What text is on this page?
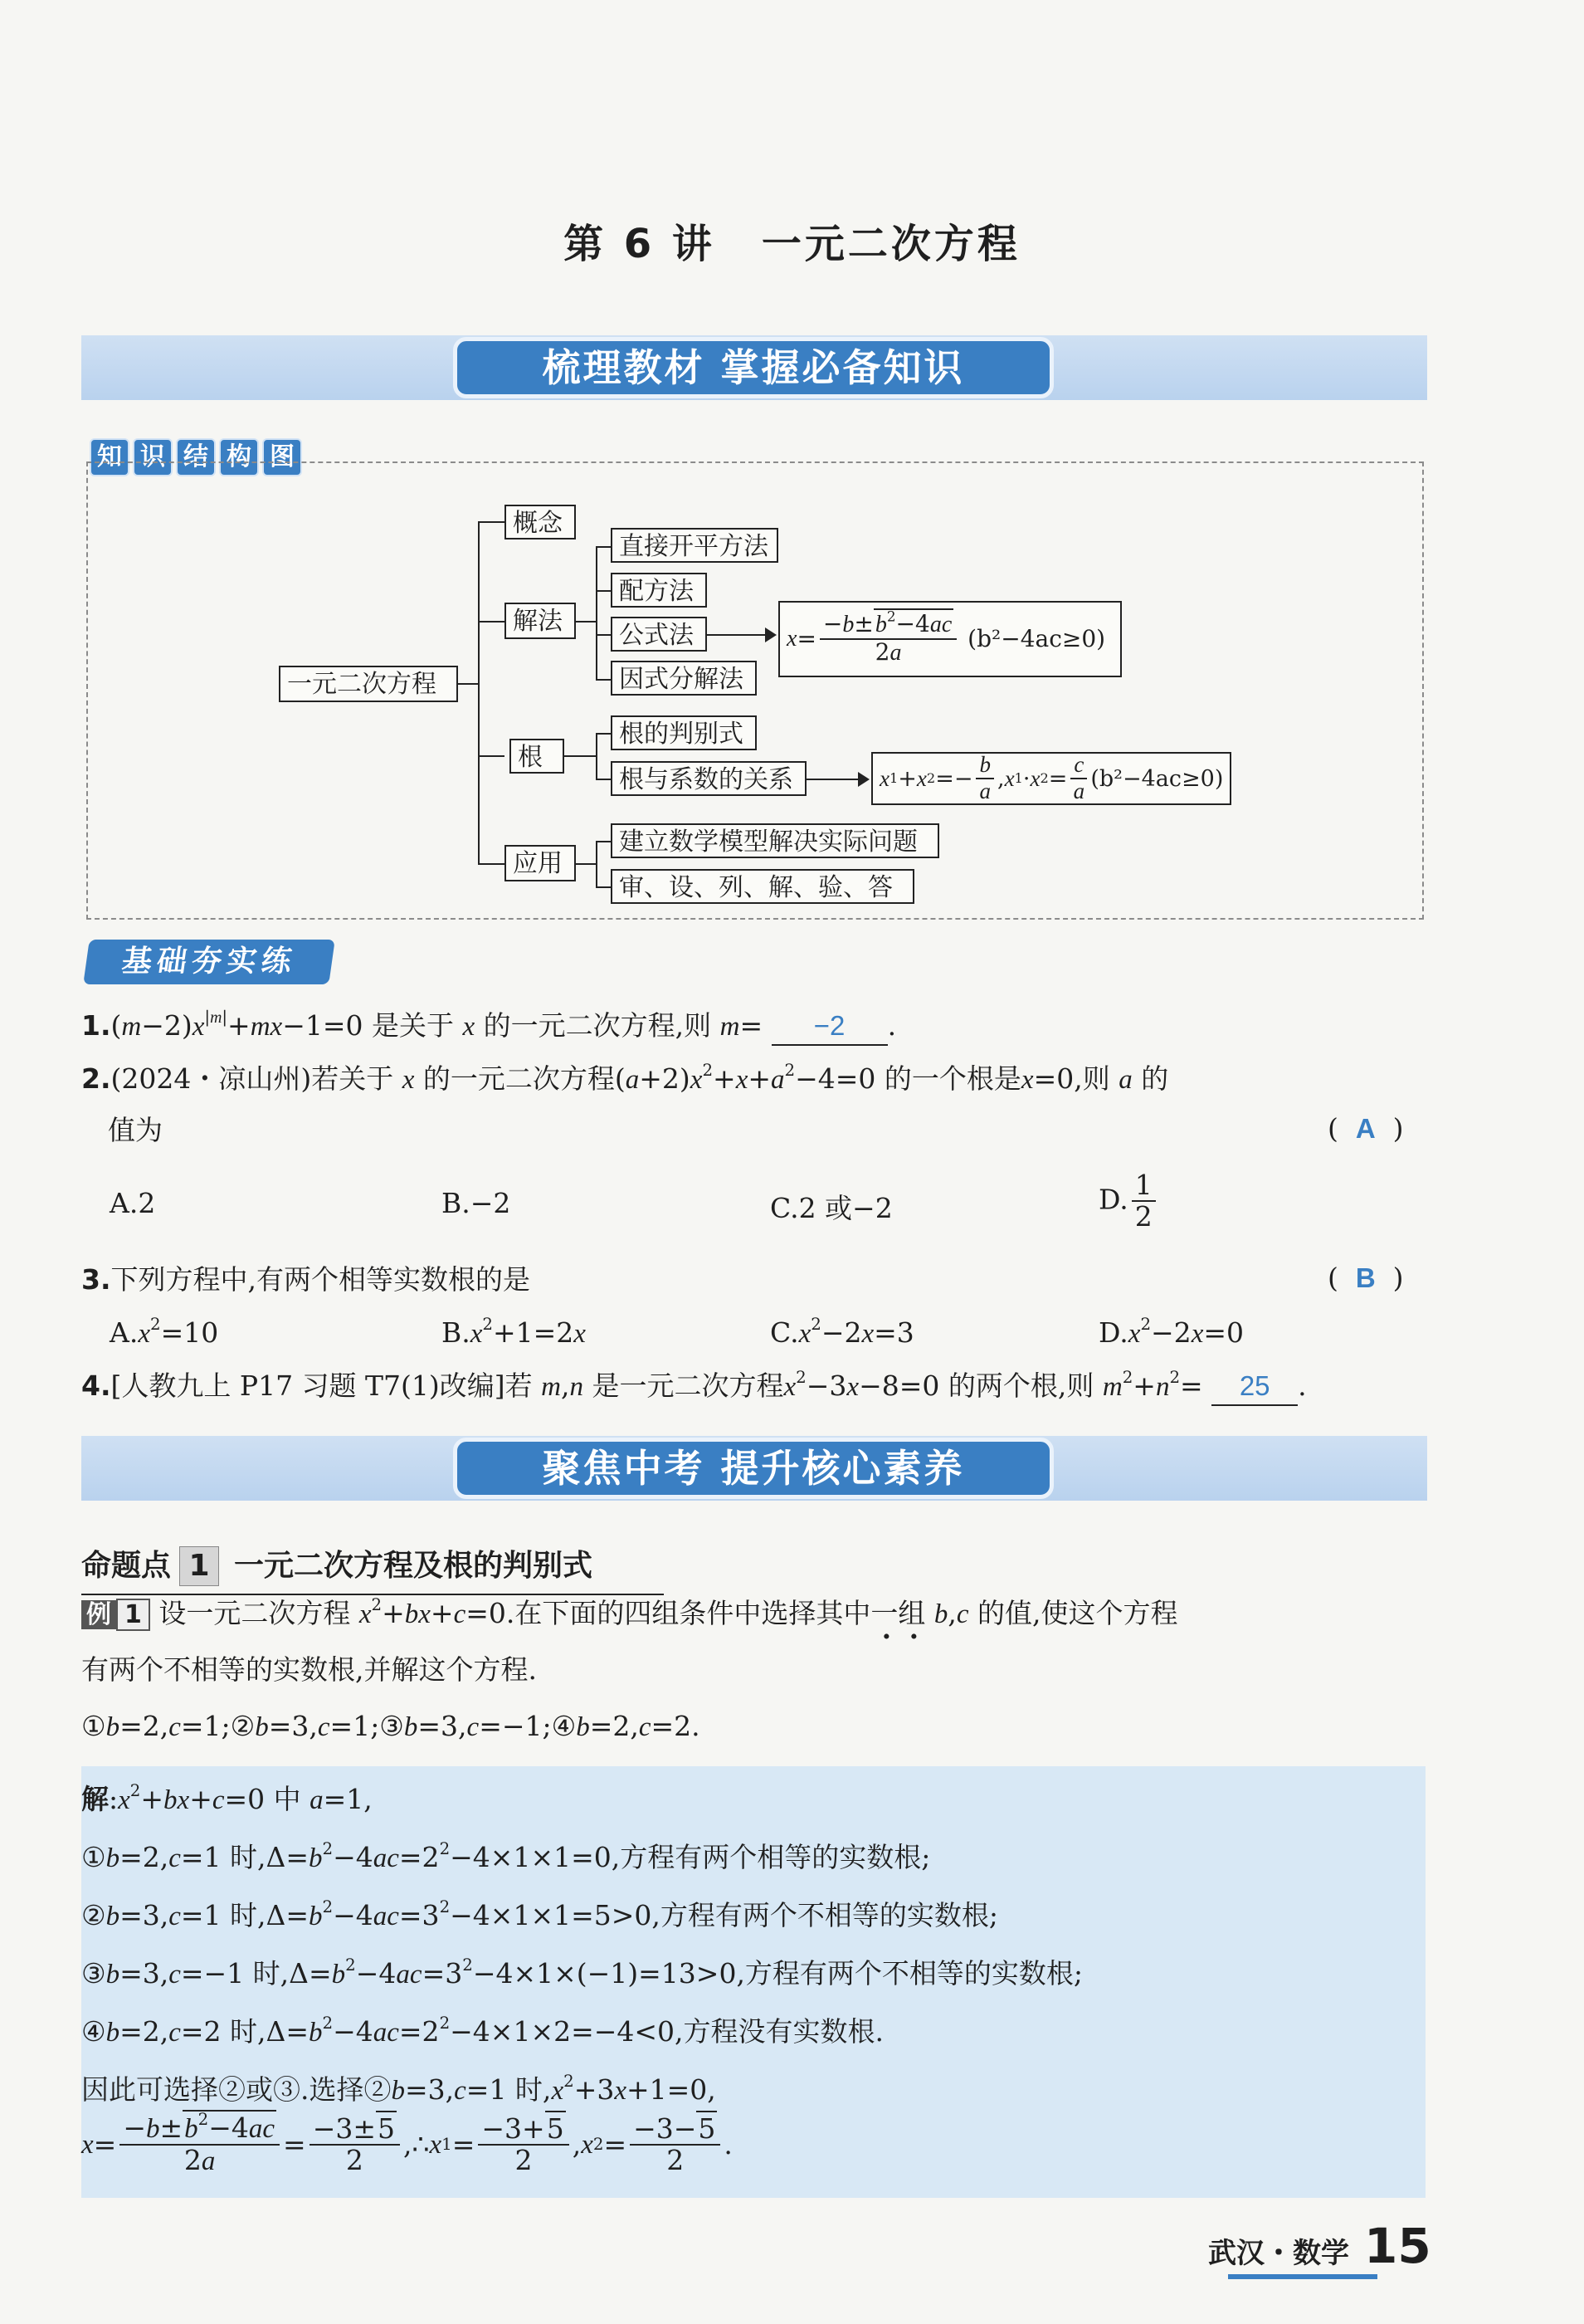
第 6 讲 一元二次方程
梳理教材 掌握必备知识
知 识 结 构 图
一元二次方程
概念
解法
根
应用
直接开平方法
配方法
公式法
因式分解法
$x = \frac{-b\pm b^2-4ac}{2a}$
(b²−4ac≥0)
根的判别式
根与系数的关系	x 1 + x $2 =- \frac{b}{a}$ , x 1 · x $2 = \frac{c}{a} (b^2-4ac\ge 0)$
建立数学模型解决实际问题
审、设、列、解、验、答
基础夯实练
$1.(m-2)x^{|m|}+mx-1=0$ 是关于 x 的一元二次方程,则 m= −2 .
2.(2024・凉山州)若关于 x 的一元二次方程$(a+2)x^2+x+a^2-4=0$ 的一个根是x=0,则 a 的
值为	(  A  )
A.2	B.−2	C.2 或−2	D. $\frac{1}{2}$
3.下列方程中,有两个相等实数根的是	(  B  )
$A.x^2=10$	$B.x^2+1=2x$	$C.x^2-2x=3$	$D.x^2-2x=0$
4.[人教九上 P17 习题 T7(1)改编]若 m,n 是一元二次方程$x^2-3x-8=0$ 的两个根,则 $m^2+n^2= 25$ .
聚焦中考 提升核心素养
命题点 1 一元二次方程及根的判别式
例 1 设一元二次方程 $x^2+bx+c=0$.在下面的四组条件中选择其中一组 b,c 的值,使这个方程
有两个不相等的实数根,并解这个方程.
①b=2,c=1;②b=3,c=1;③b=3,c=−1;④b=2,c=2.
解$:x^2+bx+c=0$ 中 a=1,
①b=2,c=1 时$,\Delta=b^2-4ac=2^2-4\times 1\times 1=0$,方程有两个相等的实数根;
②b=3,c=1 时$,\Delta=b^2-4ac=3^2-4\times 1\times 1=5>0$,方程有两个不相等的实数根;
③b=3,c=−1 时$,\Delta=b^2-4ac=3^2-4\times 1\times(-1)=13>0$,方程有两个不相等的实数根;
④b=2,c=2 时$,\Delta=b^2-4ac=2^2-4\times 1\times 2=-4<0$,方程没有实数根.
因此可选择②或③.选择②b=3,c=1 时$,x^2+3x+1=0$,
$x = \frac{-b\pm b^2-4ac}{2a} = \frac{-3\pm 5}{2}$ ,∴ x $1 = \frac{-3+5}{2}$ , x $2 = \frac{-3-5}{2}$ .
武汉・数学 15
